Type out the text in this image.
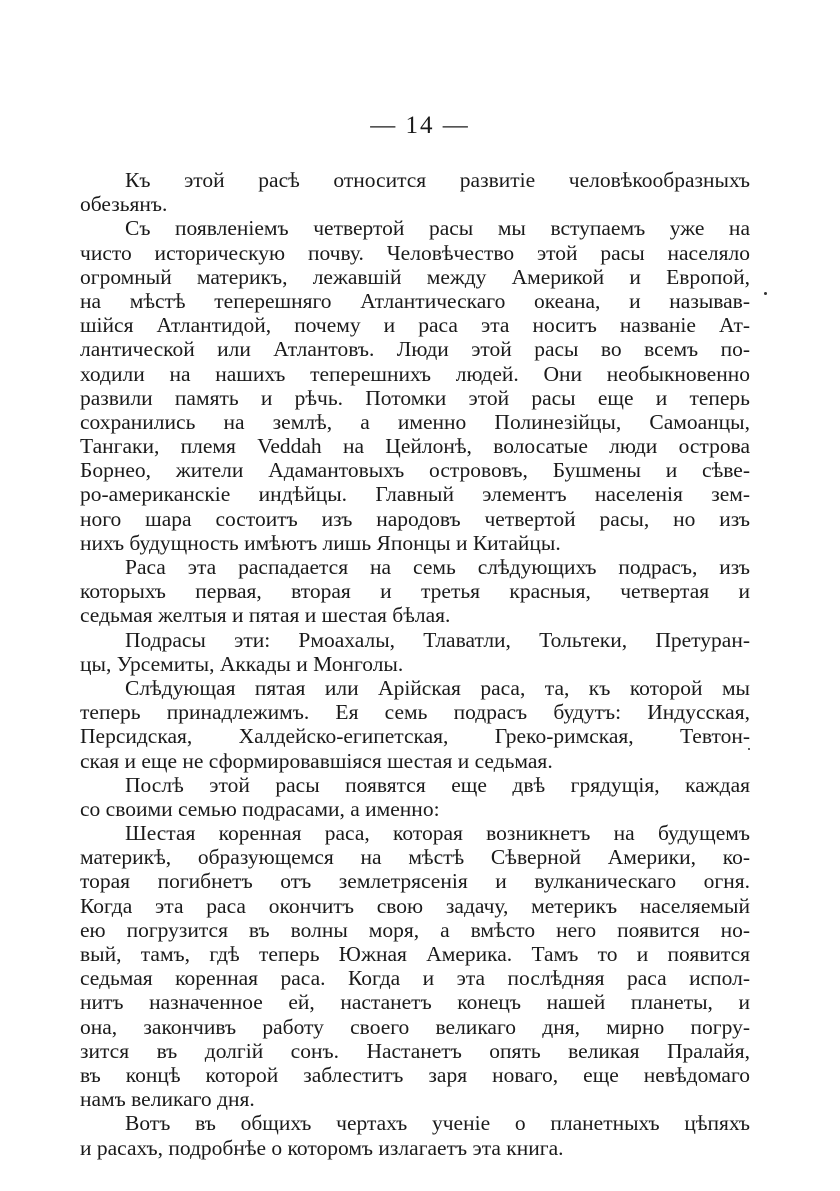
— 14 —
Къ этой расѣ относится развитіе человѣкообразныхъ
обезьянъ.
Съ появленіемъ четвертой расы мы вступаемъ уже на
чисто историческую почву. Человѣчество этой расы населяло
огромный материкъ, лежавшій между Америкой и Европой,
на мѣстѣ теперешняго Атлантическаго океана, и называв-
шійся Атлантидой, почему и раса эта носитъ названіе Ат-
лантической или Атлантовъ. Люди этой расы во всемъ по-
ходили на нашихъ теперешнихъ людей. Они необыкновенно
развили память и рѣчь. Потомки этой расы еще и теперь
сохранились на землѣ, а именно Полинезійцы, Самоанцы,
Тангаки, племя Veddah на Цейлонѣ, волосатые люди острова
Борнео, жители Адамантовыхъ острововъ, Бушмены и сѣве-
ро-американскіе индѣйцы. Главный элементъ населенія зем-
ного шара состоитъ изъ народовъ четвертой расы, но изъ
нихъ будущность имѣютъ лишь Японцы и Китайцы.
Раса эта распадается на семь слѣдующихъ подрасъ, изъ
которыхъ первая, вторая и третья красныя, четвертая и
седьмая желтыя и пятая и шестая бѣлая.
Подрасы эти: Рмоахалы, Тлаватли, Тольтеки, Претуран-
цы, Урсемиты, Аккады и Монголы.
Слѣдующая пятая или Арійская раса, та, къ которой мы
теперь принадлежимъ. Ея семь подрасъ будутъ: Индусская,
Персидская, Халдейско-египетская, Греко-римская, Тевтон-
ская и еще не сформировавшіяся шестая и седьмая.
Послѣ этой расы появятся еще двѣ грядущія, каждая
со своими семью подрасами, а именно:
Шестая коренная раса, которая возникнетъ на будущемъ
материкѣ, образующемся на мѣстѣ Сѣверной Америки, ко-
торая погибнетъ отъ землетрясенія и вулканическаго огня.
Когда эта раса окончитъ свою задачу, метерикъ населяемый
ею погрузится въ волны моря, а вмѣсто него появится но-
вый, тамъ, гдѣ теперь Южная Америка. Тамъ то и появится
седьмая коренная раса. Когда и эта послѣдняя раса испол-
нитъ назначенное ей, настанетъ конецъ нашей планеты, и
она, закончивъ работу своего великаго дня, мирно погру-
зится въ долгій сонъ. Настанетъ опять великая Пралайя,
въ концѣ которой заблеститъ заря новаго, еще невѣдомаго
намъ великаго дня.
Вотъ въ общихъ чертахъ ученіе о планетныхъ цѣпяхъ
и расахъ, подробнѣе о которомъ излагаетъ эта книга.
